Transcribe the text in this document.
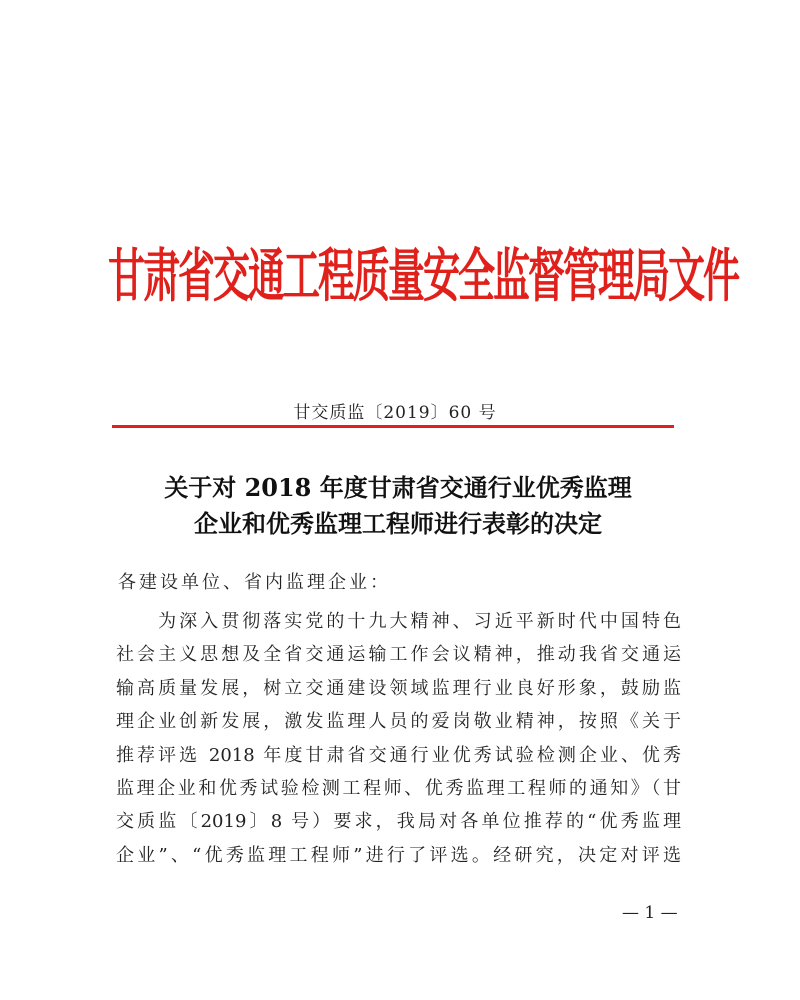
甘肃省交通工程质量安全监督管理局文件
甘交质监〔2019〕60 号
关于对 2018 年度甘肃省交通行业优秀监理
企业和优秀监理工程师进行表彰的决定
各建设单位、省内监理企业：
　　为深入贯彻落实党的十九大精神、习近平新时代中国特色
社会主义思想及全省交通运输工作会议精神，推动我省交通运
输高质量发展，树立交通建设领域监理行业良好形象，鼓励监
理企业创新发展，激发监理人员的爱岗敬业精神，按照《关于
推荐评选 2018 年度甘肃省交通行业优秀试验检测企业、优秀
监理企业和优秀试验检测工程师、优秀监理工程师的通知》（甘
交质监〔2019〕8 号）要求，我局对各单位推荐的“优秀监理
企业”、“优秀监理工程师”进行了评选。经研究，决定对评选
— 1 —
